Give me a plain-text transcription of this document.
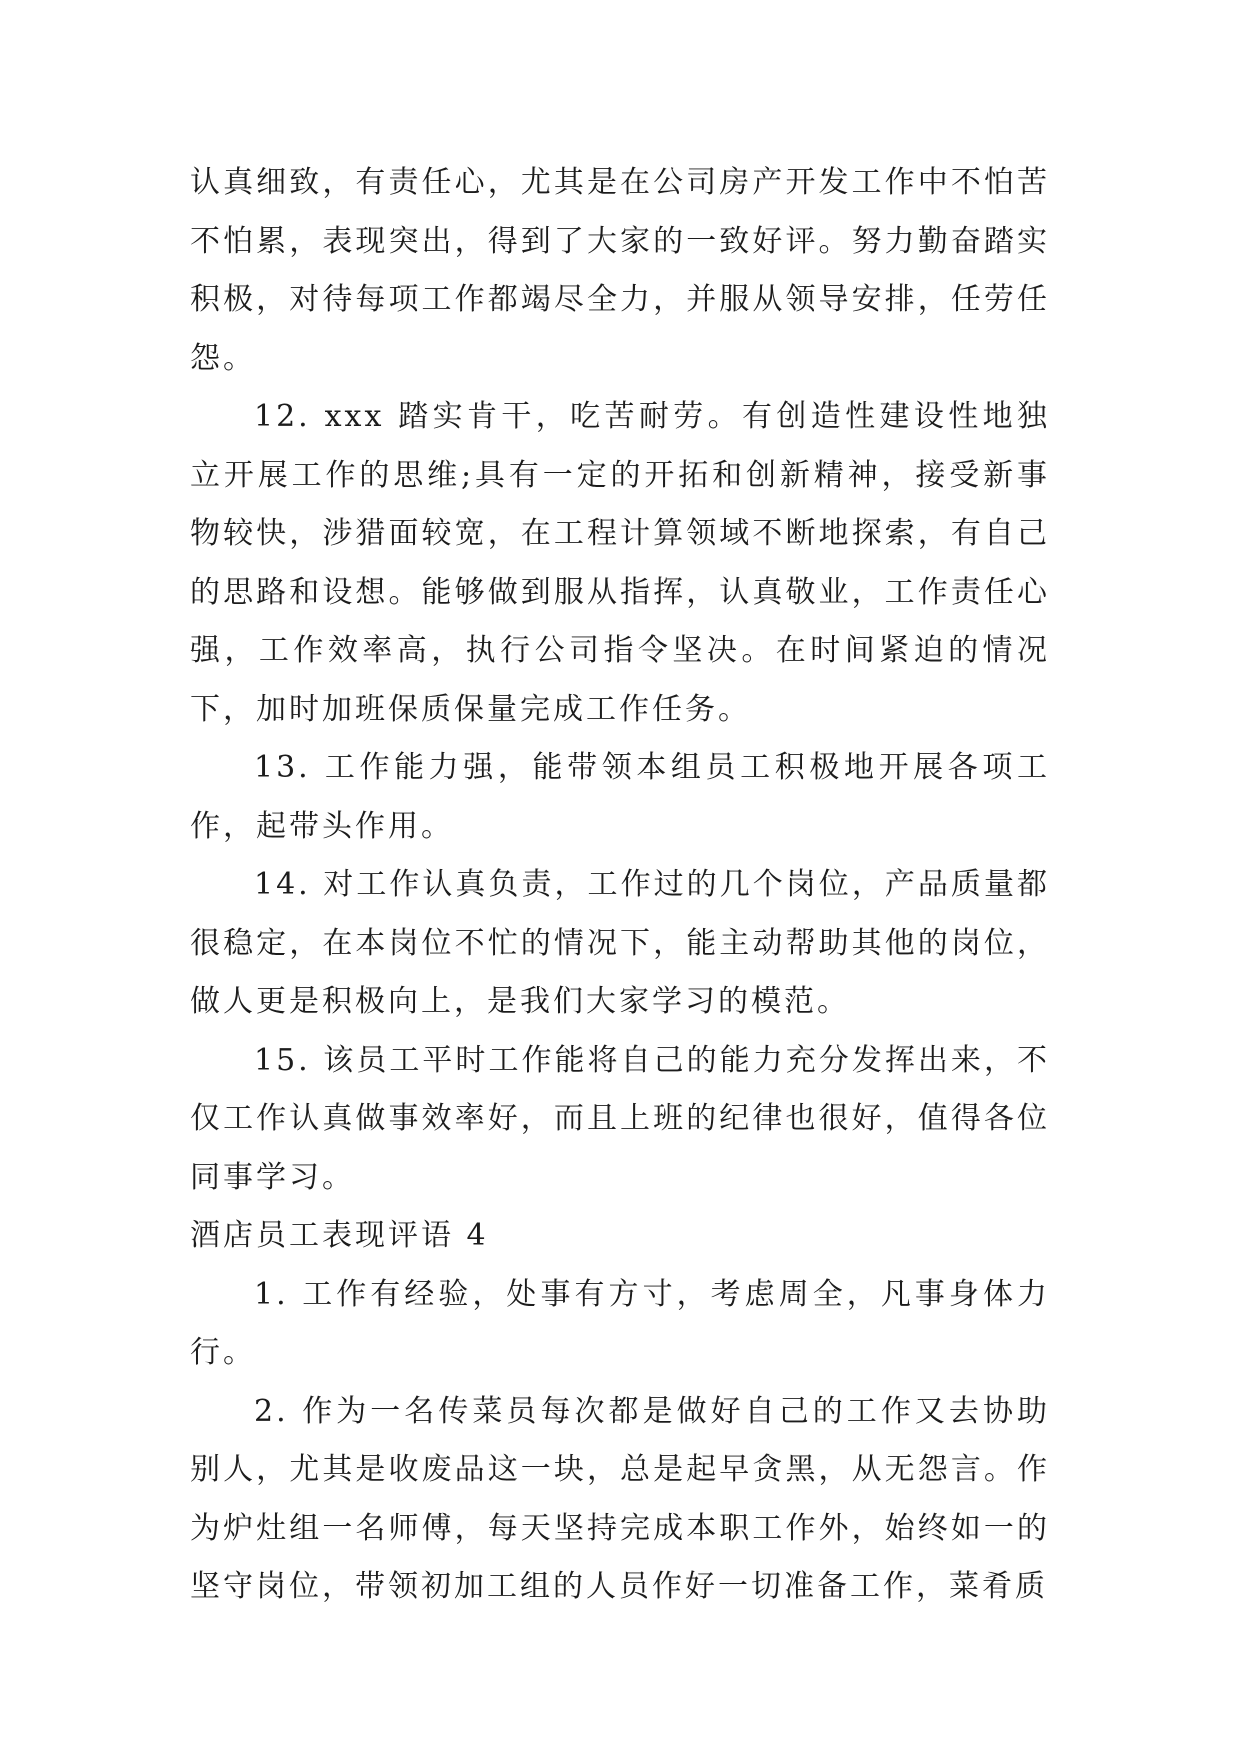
认真细致，有责任心，尤其是在公司房产开发工作中不怕苦不怕累，表现突出，得到了大家的一致好评。努力勤奋踏实积极，对待每项工作都竭尽全力，并服从领导安排，任劳任怨。

12. xxx 踏实肯干，吃苦耐劳。有创造性建设性地独立开展工作的思维;具有一定的开拓和创新精神，接受新事物较快，涉猎面较宽，在工程计算领域不断地探索，有自己的思路和设想。能够做到服从指挥，认真敬业，工作责任心强，工作效率高，执行公司指令坚决。在时间紧迫的情况下，加时加班保质保量完成工作任务。

13. 工作能力强，能带领本组员工积极地开展各项工作，起带头作用。

14. 对工作认真负责，工作过的几个岗位，产品质量都很稳定，在本岗位不忙的情况下，能主动帮助其他的岗位，做人更是积极向上，是我们大家学习的模范。

15. 该员工平时工作能将自己的能力充分发挥出来，不仅工作认真做事效率好，而且上班的纪律也很好，值得各位同事学习。

酒店员工表现评语 4

1. 工作有经验，处事有方寸，考虑周全，凡事身体力行。

2. 作为一名传菜员每次都是做好自己的工作又去协助别人，尤其是收废品这一块，总是起早贪黑，从无怨言。作为炉灶组一名师傅，每天坚持完成本职工作外，始终如一的坚守岗位，带领初加工组的人员作好一切准备工作，菜肴质
